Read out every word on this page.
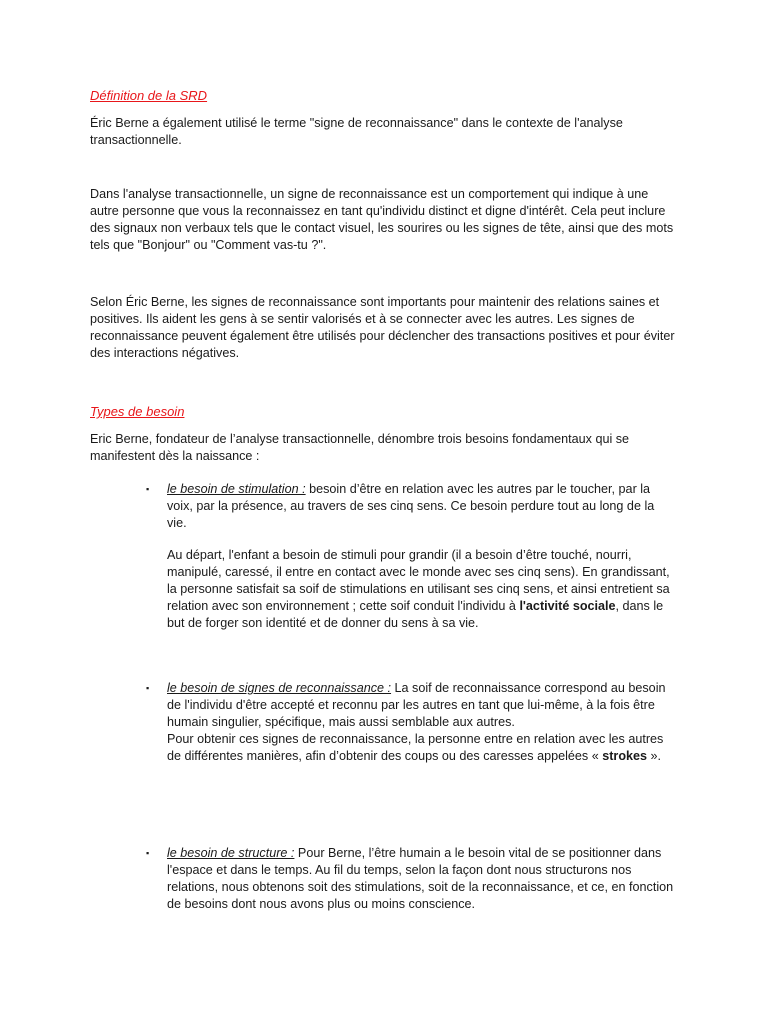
Définition de la SRD

Éric Berne a également utilisé le terme "signe de reconnaissance" dans le contexte de l'analyse transactionnelle.

Dans l'analyse transactionnelle, un signe de reconnaissance est un comportement qui indique à une autre personne que vous la reconnaissez en tant qu'individu distinct et digne d'intérêt. Cela peut inclure des signaux non verbaux tels que le contact visuel, les sourires ou les signes de tête, ainsi que des mots tels que "Bonjour" ou "Comment vas-tu ?".

Selon Éric Berne, les signes de reconnaissance sont importants pour maintenir des relations saines et positives. Ils aident les gens à se sentir valorisés et à se connecter avec les autres. Les signes de reconnaissance peuvent également être utilisés pour déclencher des transactions positives et pour éviter des interactions négatives.

Types de besoin

Eric Berne, fondateur de l’analyse transactionnelle, dénombre trois besoins fondamentaux qui se manifestent dès la naissance :

▪ le besoin de stimulation : besoin d’être en relation avec les autres par le toucher, par la voix, par la présence, au travers de ses cinq sens. Ce besoin perdure tout au long de la vie.

Au départ, l'enfant a besoin de stimuli pour grandir (il a besoin d’être touché, nourri, manipulé, caressé, il entre en contact avec le monde avec ses cinq sens). En grandissant, la personne satisfait sa soif de stimulations en utilisant ses cinq sens, et ainsi entretient sa relation avec son environnement ; cette soif conduit l'individu à l'activité sociale, dans le but de forger son identité et de donner du sens à sa vie.

▪ le besoin de signes de reconnaissance : La soif de reconnaissance correspond au besoin de l'individu d'être accepté et reconnu par les autres en tant que lui-même, à la fois être humain singulier, spécifique, mais aussi semblable aux autres.

Pour obtenir ces signes de reconnaissance, la personne entre en relation avec les autres de différentes manières, afin d’obtenir des coups ou des caresses appelées « strokes ».

▪ le besoin de structure : Pour Berne, l’être humain a le besoin vital de se positionner dans l'espace et dans le temps. Au fil du temps, selon la façon dont nous structurons nos relations, nous obtenons soit des stimulations, soit de la reconnaissance, et ce, en fonction de besoins dont nous avons plus ou moins conscience.
